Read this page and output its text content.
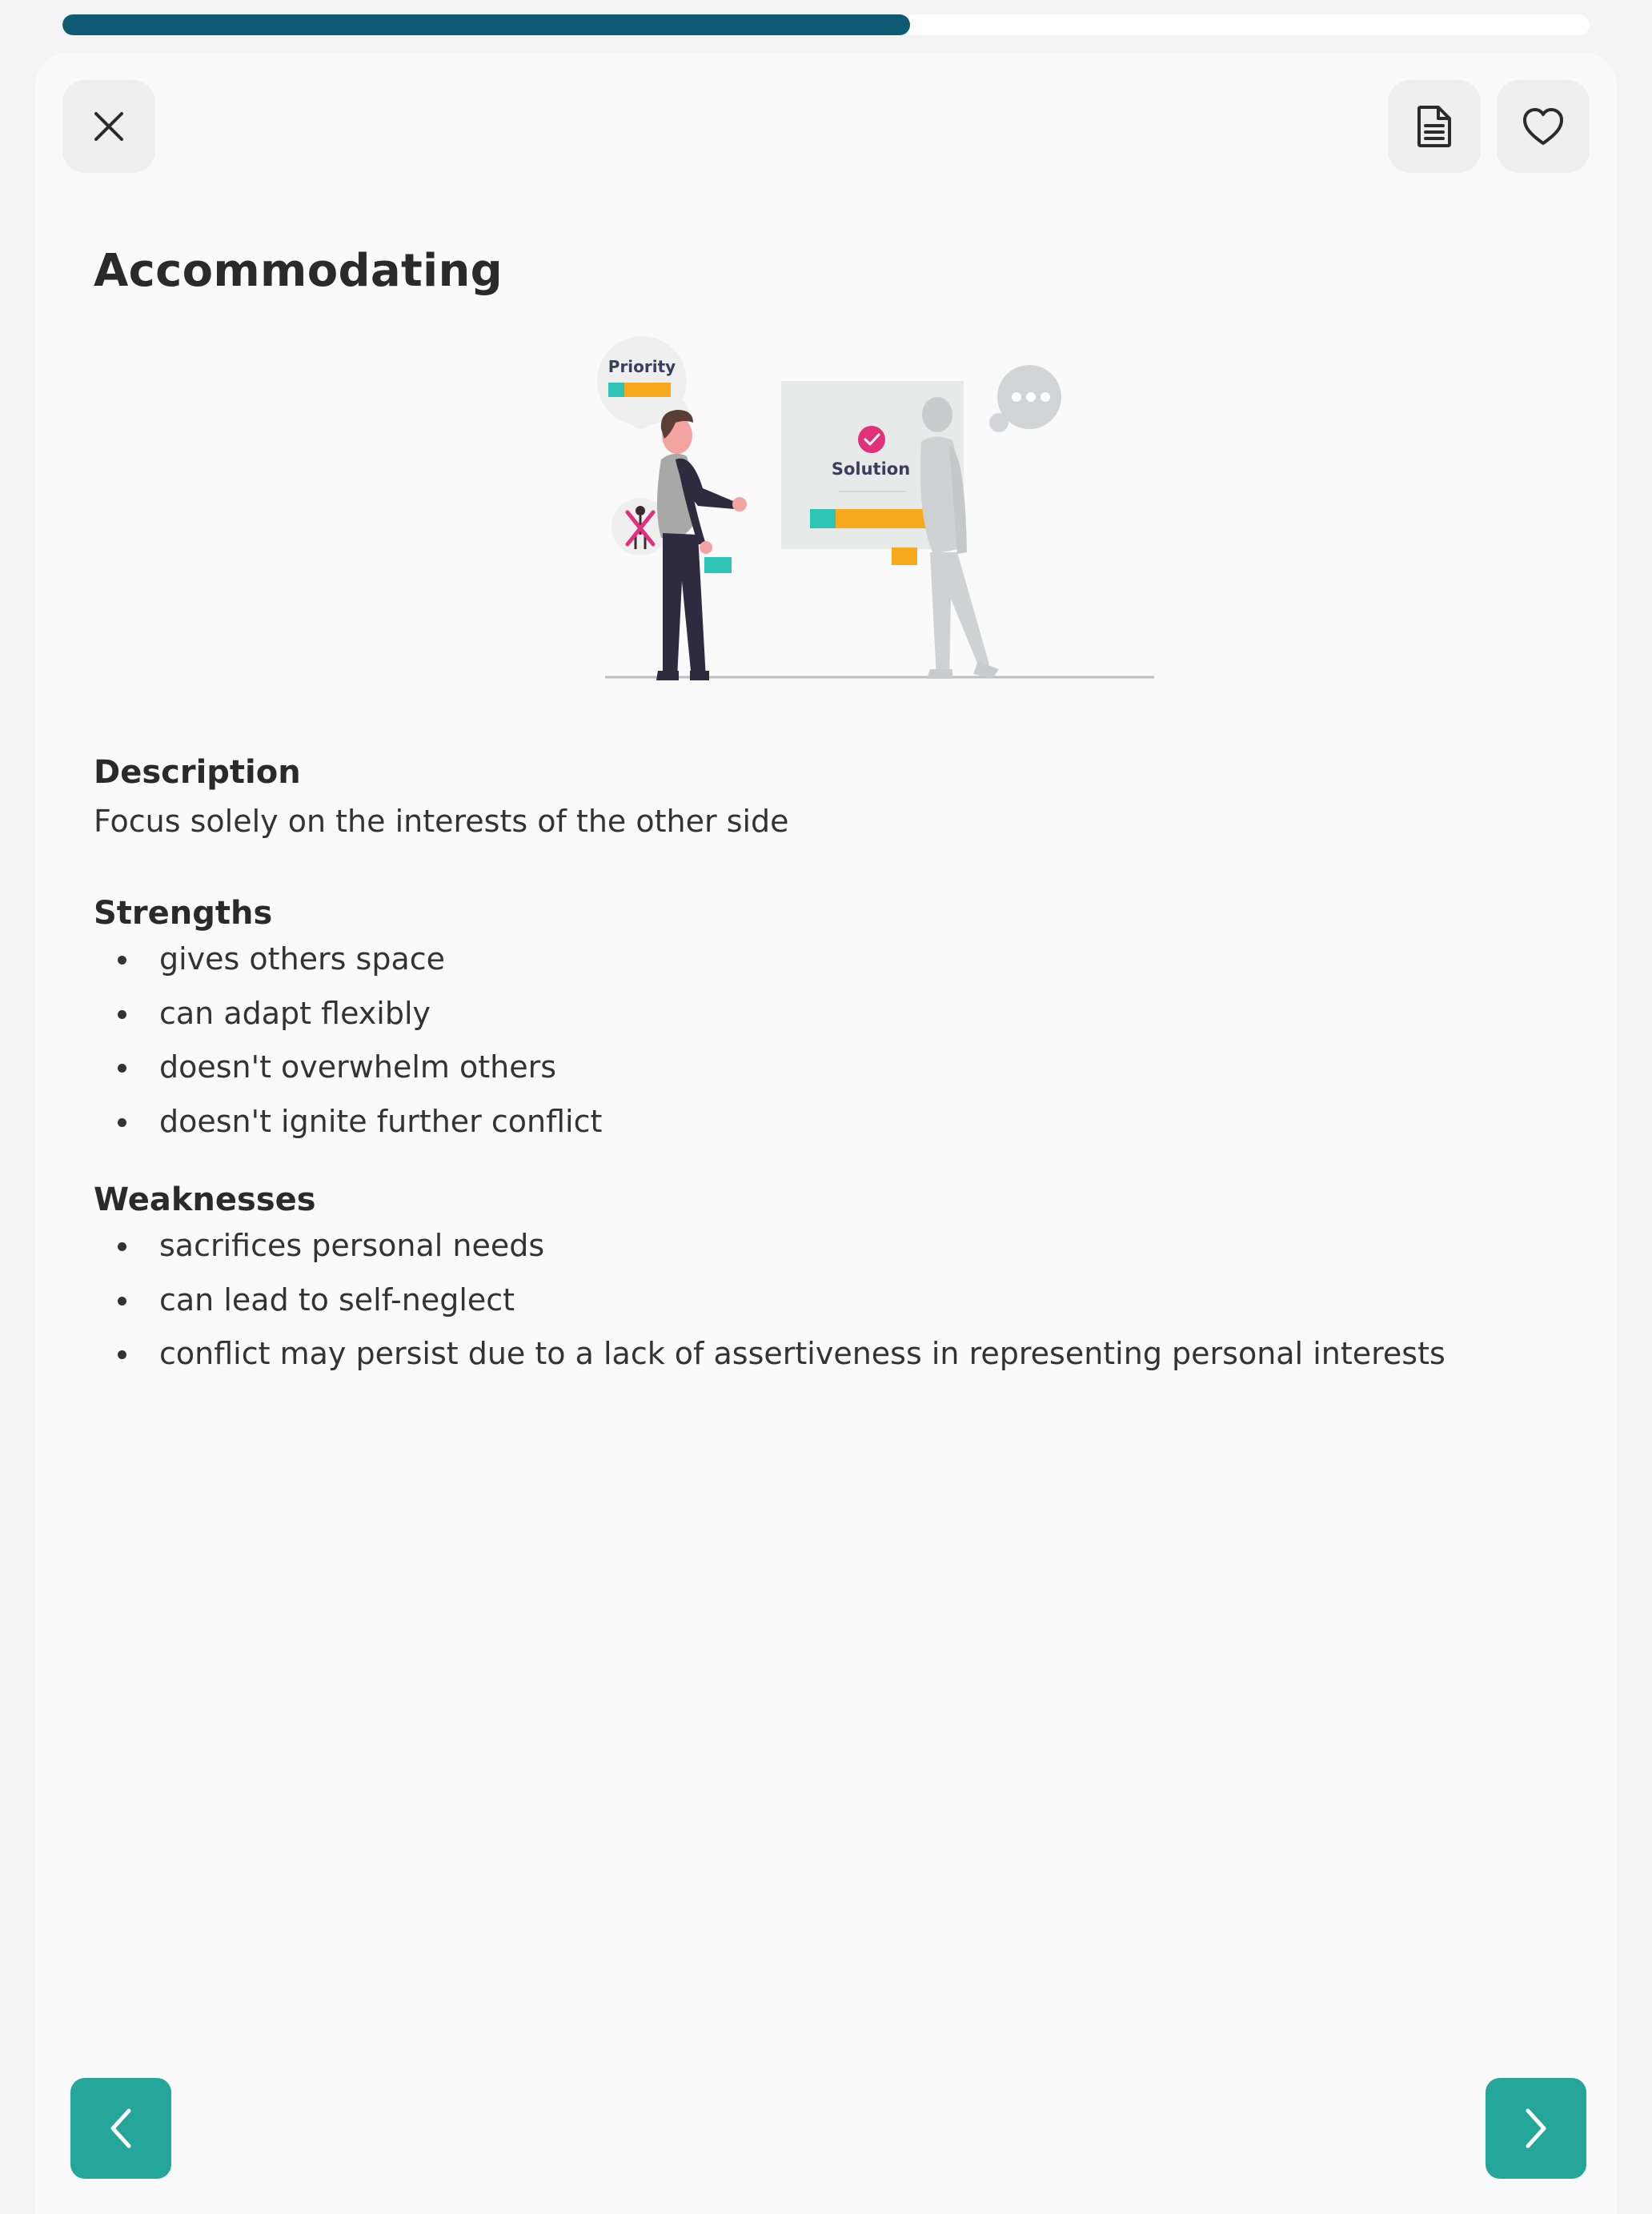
Accommodating
Priority
Solution
Description

Focus solely on the interests of the other side

Strengths
gives others space
can adapt flexibly
doesn't overwhelm others
doesn't ignite further conflict
Weaknesses
sacrifices personal needs
can lead to self-neglect
conflict may persist due to a lack of assertiveness in representing personal interests
